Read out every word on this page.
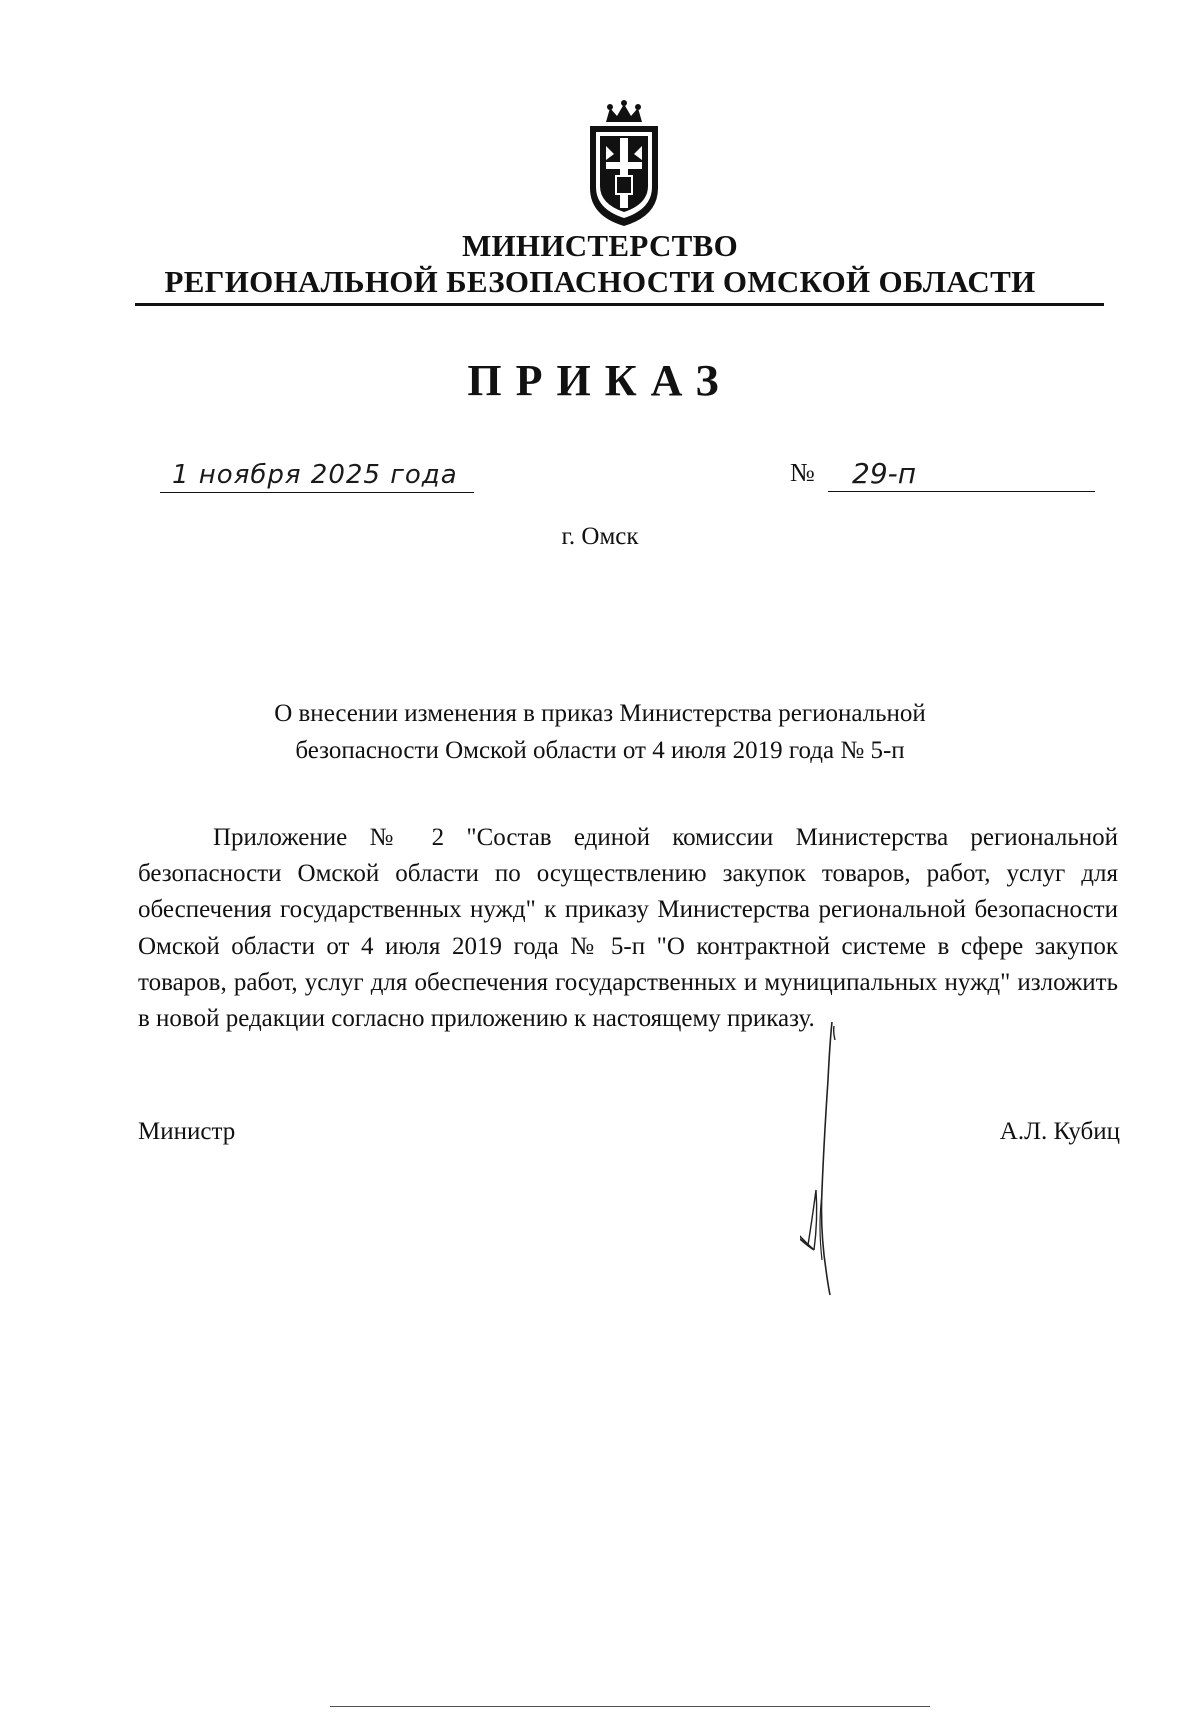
МИНИСТЕРСТВО
РЕГИОНАЛЬНОЙ БЕЗОПАСНОСТИ ОМСКОЙ ОБЛАСТИ
ПРИКАЗ
1 ноября 2025 года	№ 29-п
г. Омск
О внесении изменения в приказ Министерства региональной безопасности Омской области от 4 июля 2019 года № 5-п
Приложение № 2 "Состав единой комиссии Министерства региональной безопасности Омской области по осуществлению закупок товаров, работ, услуг для обеспечения государственных нужд" к приказу Министерства региональной безопасности Омской области от 4 июля 2019 года № 5-п "О контрактной системе в сфере закупок товаров, работ, услуг для обеспечения государственных и муниципальных нужд" изложить в новой редакции согласно приложению к настоящему приказу.
Министр	А.Л. Кубиц
